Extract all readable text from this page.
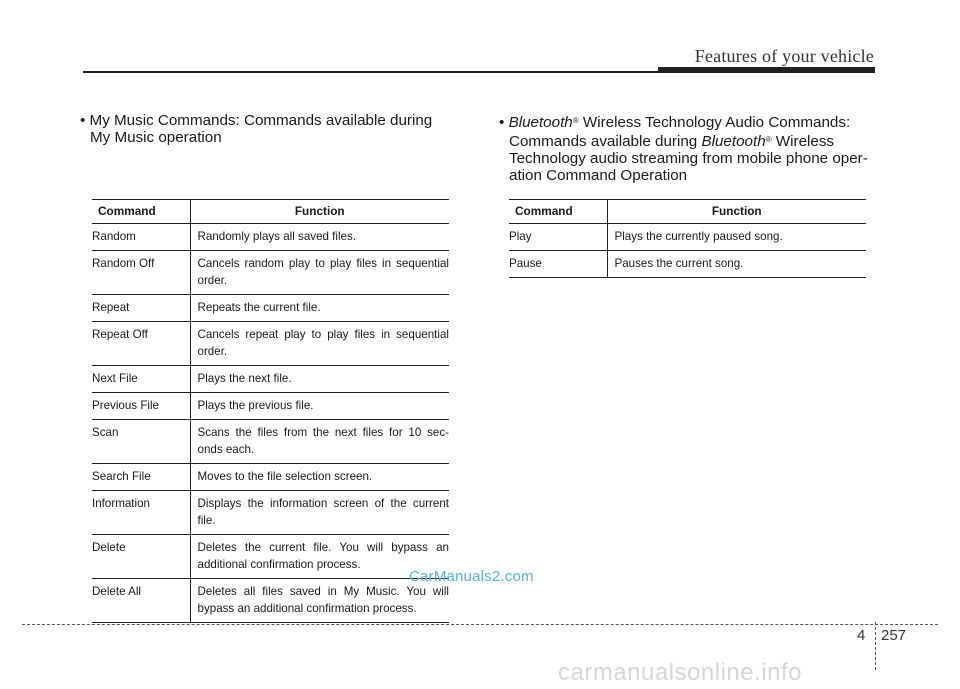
Features of your vehicle
• My Music Commands: Commands available during
My Music operation
• Bluetooth® Wireless Technology Audio Commands:
Commands available during Bluetooth® Wireless
Technology audio streaming from mobile phone oper-
ation Command Operation
Command	Function
Random	Randomly plays all saved files.
Random Off	Cancels random play to play files in sequential order.
Repeat	Repeats the current file.
Repeat Off	Cancels repeat play to play files in sequential order.
Next File	Plays the next file.
Previous File	Plays the previous file.
Scan	Scans the files from the next files for 10 sec-onds each.
Search File	Moves to the file selection screen.
Information	Displays the information screen of the current file.
Delete	Deletes the current file. You will bypass an additional confirmation process.
Delete All	Deletes all files saved in My Music. You will bypass an additional confirmation process.
Command	Function
Play	Plays the currently paused song.
Pause	Pauses the current song.
CarManuals2.com
4 257
carmanualsonline.info
